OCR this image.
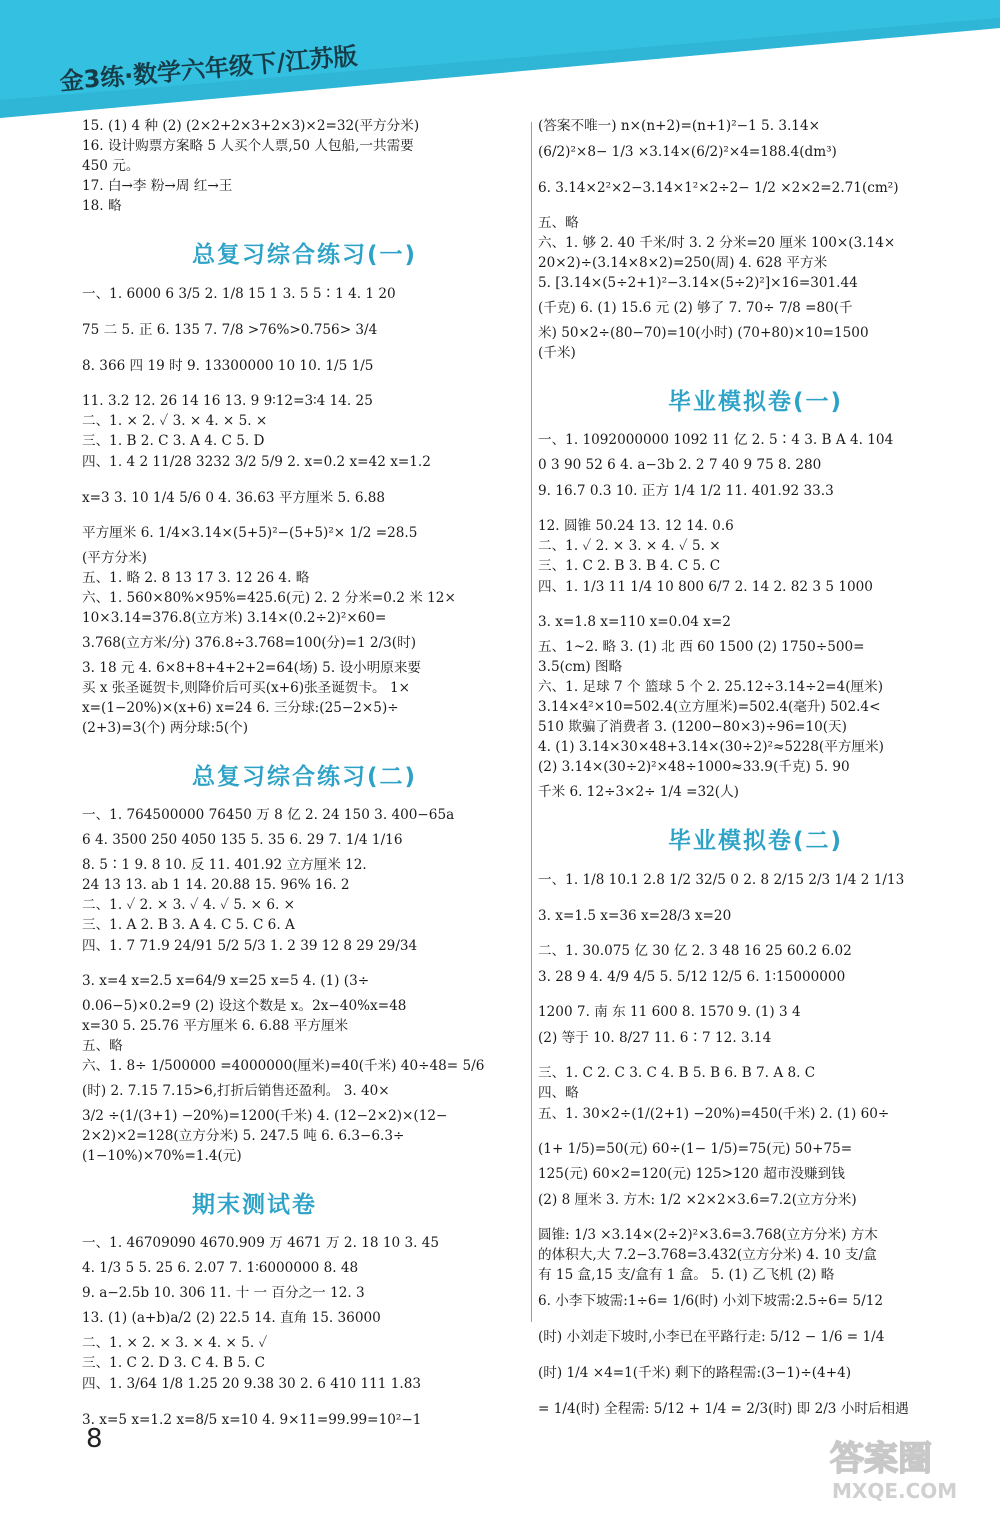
金3练·数学六年级下/江苏版
15. (1) 4 种 (2) (2×2+2×3+2×3)×2=32(平方分米)
16. 设计购票方案略 5 人买个人票,50 人包船,一共需要
450 元。
17. 白→李 粉→周 红→王
18. 略
总复习综合练习(一)
一、1. 6000 6 3/5 2. 1/8 15 1 3. 5 5∶1 4. 1 20
75 二 5. 正 6. 135 7. 7/8 >76%>0.756> 3/4
8. 366 四 19 时 9. 13300000 10 10. 1/5 1/5
11. 3.2 12. 26 14 16 13. 9 9∶12=3∶4 14. 25
二、1. × 2. ✓ 3. × 4. × 5. ×
三、1. B 2. C 3. A 4. C 5. D
四、1. 4 2 11/28 3232 3/2 5/9 2. x=0.2 x=42 x=1.2
x=3 3. 10 1/4 5/6 0 4. 36.63 平方厘米 5. 6.88
平方厘米 6. 1/4×3.14×(5+5)²−(5+5)²× 1/2 =28.5
(平方分米)
五、1. 略 2. 8 13 17 3. 12 26 4. 略
六、1. 560×80%×95%=425.6(元) 2. 2 分米=0.2 米 12×
10×3.14=376.8(立方米) 3.14×(0.2÷2)²×60=
3.768(立方米/分) 376.8÷3.768=100(分)=1 2/3(时)
3. 18 元 4. 6×8+8+4+2+2=64(场) 5. 设小明原来要
买 x 张圣诞贺卡,则降价后可买(x+6)张圣诞贺卡。 1×
x=(1−20%)×(x+6) x=24 6. 三分球:(25−2×5)÷
(2+3)=3(个) 两分球:5(个)
总复习综合练习(二)
一、1. 764500000 76450 万 8 亿 2. 24 150 3. 400−65a
6 4. 3500 250 4050 135 5. 35 6. 29 7. 1/4 1/16
8. 5∶1 9. 8 10. 反 11. 401.92 立方厘米 12.
24 13 13. ab 1 14. 20.88 15. 96% 16. 2
二、1. ✓ 2. × 3. ✓ 4. ✓ 5. × 6. ×
三、1. A 2. B 3. A 4. C 5. C 6. A
四、1. 7 71.9 24/91 5/2 5/3 1. 2 39 12 8 29 29/34
3. x=4 x=2.5 x=64/9 x=25 x=5 4. (1) (3÷
0.06−5)×0.2=9 (2) 设这个数是 x。2x−40%x=48
x=30 5. 25.76 平方厘米 6. 6.88 平方厘米
五、略
六、1. 8÷ 1/500000 =4000000(厘米)=40(千米) 40÷48= 5/6
(时) 2. 7.15 7.15>6,打折后销售还盈利。 3. 40×
3/2 ÷(1/(3+1) −20%)=1200(千米) 4. (12−2×2)×(12−
2×2)×2=128(立方分米) 5. 247.5 吨 6. 6.3−6.3÷
(1−10%)×70%=1.4(元)
期末测试卷
一、1. 46709090 4670.909 万 4671 万 2. 18 10 3. 45
4. 1/3 5 5. 25 6. 2.07 7. 1∶6000000 8. 48
9. a−2.5b 10. 306 11. 十 一 百分之一 12. 3
13. (1) (a+b)a/2 (2) 22.5 14. 直角 15. 36000
二、1. × 2. × 3. × 4. × 5. ✓
三、1. C 2. D 3. C 4. B 5. C
四、1. 3/64 1/8 1.25 20 9.38 30 2. 6 410 111 1.83
3. x=5 x=1.2 x=8/5 x=10 4. 9×11=99.99=10²−1
(答案不唯一) n×(n+2)=(n+1)²−1 5. 3.14×
(6/2)²×8− 1/3 ×3.14×(6/2)²×4=188.4(dm³)
6. 3.14×2²×2−3.14×1²×2÷2− 1/2 ×2×2=2.71(cm²)
五、略
六、1. 够 2. 40 千米/时 3. 2 分米=20 厘米 100×(3.14×
20×2)÷(3.14×8×2)=250(周) 4. 628 平方米
5. [3.14×(5÷2+1)²−3.14×(5÷2)²]×16=301.44
(千克) 6. (1) 15.6 元 (2) 够了 7. 70÷ 7/8 =80(千
米) 50×2÷(80−70)=10(小时) (70+80)×10=1500
(千米)
毕业模拟卷(一)
一、1. 1092000000 1092 11 亿 2. 5∶4 3. B A 4. 104
0 3 90 52 6 4. a−3b 2. 2 7 40 9 75 8. 280
9. 16.7 0.3 10. 正方 1/4 1/2 11. 401.92 33.3
12. 圆锥 50.24 13. 12 14. 0.6
二、1. ✓ 2. × 3. × 4. ✓ 5. ×
三、1. C 2. B 3. B 4. C 5. C
四、1. 1/3 11 1/4 10 800 6/7 2. 14 2. 82 3 5 1000
3. x=1.8 x=110 x=0.04 x=2
五、1~2. 略 3. (1) 北 西 60 1500 (2) 1750÷500=
3.5(cm) 图略
六、1. 足球 7 个 篮球 5 个 2. 25.12÷3.14÷2=4(厘米)
3.14×4²×10=502.4(立方厘米)=502.4(毫升) 502.4<
510 欺骗了消费者 3. (1200−80×3)÷96=10(天)
4. (1) 3.14×30×48+3.14×(30÷2)²≈5228(平方厘米)
(2) 3.14×(30÷2)²×48÷1000≈33.9(千克) 5. 90
千米 6. 12÷3×2÷ 1/4 =32(人)
毕业模拟卷(二)
一、1. 1/8 10.1 2.8 1/2 32/5 0 2. 8 2/15 2/3 1/4 2 1/13
3. x=1.5 x=36 x=28/3 x=20
二、1. 30.075 亿 30 亿 2. 3 48 16 25 60.2 6.02
3. 28 9 4. 4/9 4/5 5. 5/12 12/5 6. 1∶15000000
1200 7. 南 东 11 600 8. 1570 9. (1) 3 4
(2) 等于 10. 8/27 11. 6∶7 12. 3.14
三、1. C 2. C 3. C 4. B 5. B 6. B 7. A 8. C
四、略
五、1. 30×2÷(1/(2+1) −20%)=450(千米) 2. (1) 60÷
(1+ 1/5)=50(元) 60÷(1− 1/5)=75(元) 50+75=
125(元) 60×2=120(元) 125>120 超市没赚到钱
(2) 8 厘米 3. 方木: 1/2 ×2×2×3.6=7.2(立方分米)
圆锥: 1/3 ×3.14×(2÷2)²×3.6=3.768(立方分米) 方木
的体积大,大 7.2−3.768=3.432(立方分米) 4. 10 支/盒
有 15 盒,15 支/盒有 1 盒。 5. (1) 乙飞机 (2) 略
6. 小李下坡需:1÷6= 1/6(时) 小刘下坡需:2.5÷6= 5/12
(时) 小刘走下坡时,小李已在平路行走: 5/12 − 1/6 = 1/4
(时) 1/4 ×4=1(千米) 剩下的路程需:(3−1)÷(4+4)
= 1/4(时) 全程需: 5/12 + 1/4 = 2/3(时) 即 2/3 小时后相遇
8	答案圈
MXQE.COM
